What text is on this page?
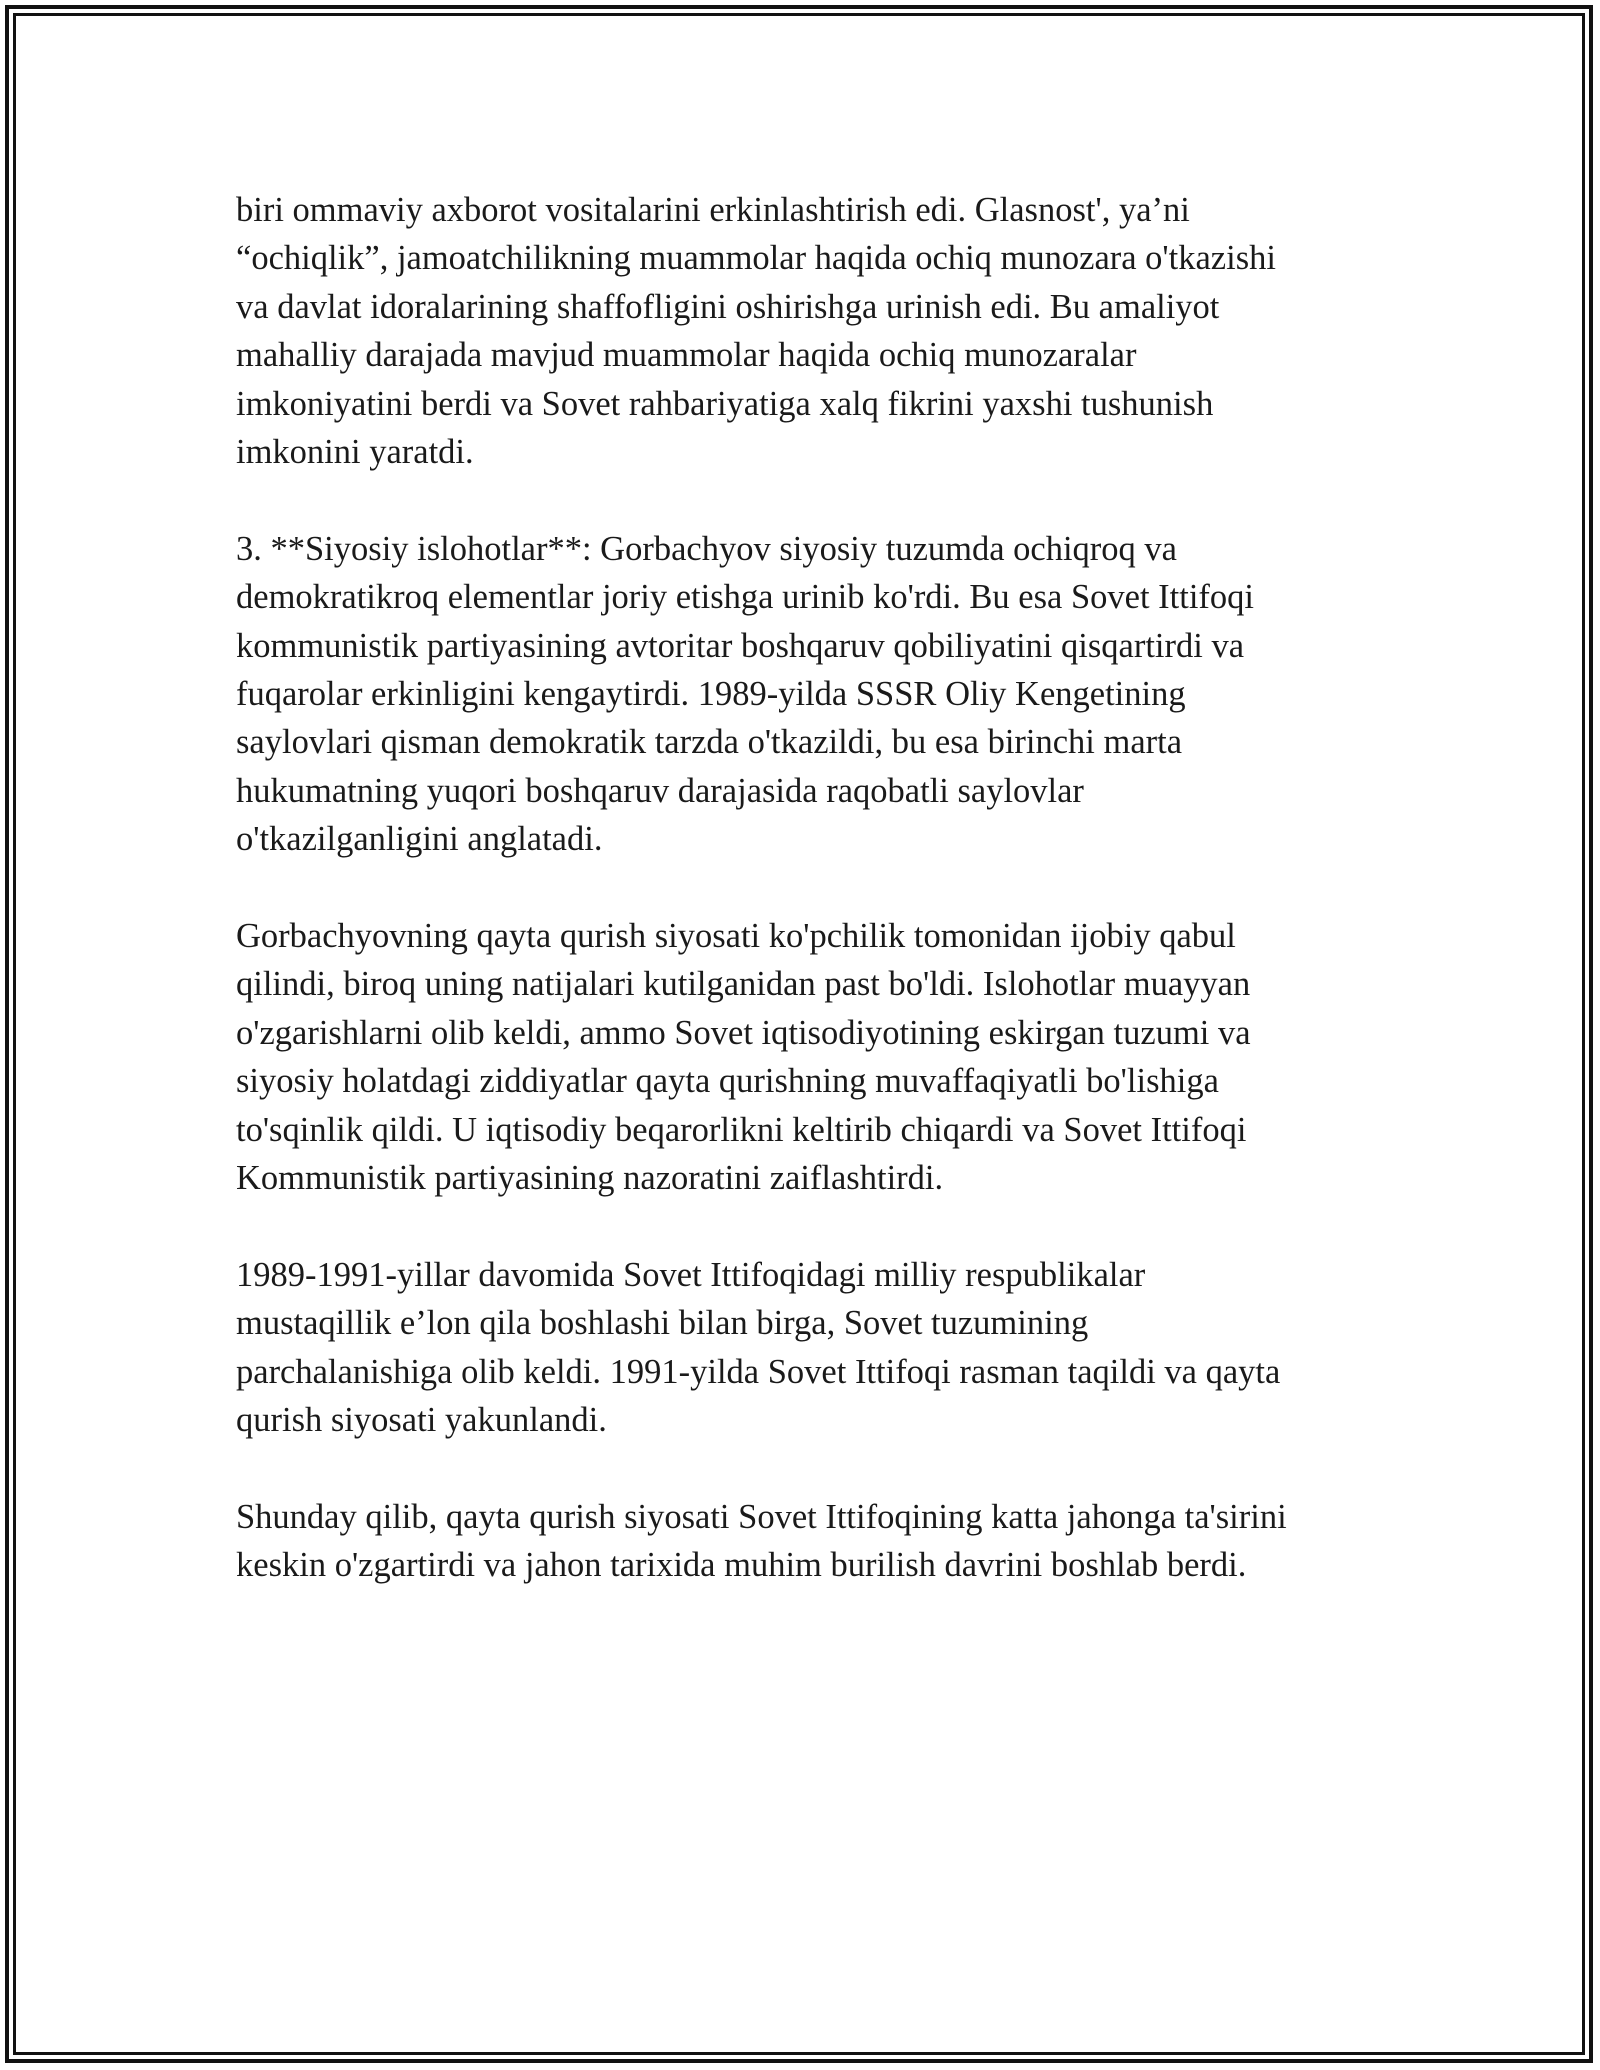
biri ommaviy axborot vositalarini erkinlashtirish edi. Glasnost', ya’ni
“ochiqlik”, jamoatchilikning muammolar haqida ochiq munozara o'tkazishi
va davlat idoralarining shaffofligini oshirishga urinish edi. Bu amaliyot
mahalliy darajada mavjud muammolar haqida ochiq munozaralar
imkoniyatini berdi va Sovet rahbariyatiga xalq fikrini yaxshi tushunish
imkonini yaratdi.
3. **Siyosiy islohotlar**: Gorbachyov siyosiy tuzumda ochiqroq va
demokratikroq elementlar joriy etishga urinib ko'rdi. Bu esa Sovet Ittifoqi
kommunistik partiyasining avtoritar boshqaruv qobiliyatini qisqartirdi va
fuqarolar erkinligini kengaytirdi. 1989-yilda SSSR Oliy Kengetining
saylovlari qisman demokratik tarzda o'tkazildi, bu esa birinchi marta
hukumatning yuqori boshqaruv darajasida raqobatli saylovlar
o'tkazilganligini anglatadi.
Gorbachyovning qayta qurish siyosati ko'pchilik tomonidan ijobiy qabul
qilindi, biroq uning natijalari kutilganidan past bo'ldi. Islohotlar muayyan
o'zgarishlarni olib keldi, ammo Sovet iqtisodiyotining eskirgan tuzumi va
siyosiy holatdagi ziddiyatlar qayta qurishning muvaffaqiyatli bo'lishiga
to'sqinlik qildi. U iqtisodiy beqarorlikni keltirib chiqardi va Sovet Ittifoqi
Kommunistik partiyasining nazoratini zaiflashtirdi.
1989-1991-yillar davomida Sovet Ittifoqidagi milliy respublikalar
mustaqillik e’lon qila boshlashi bilan birga, Sovet tuzumining
parchalanishiga olib keldi. 1991-yilda Sovet Ittifoqi rasman taqildi va qayta
qurish siyosati yakunlandi.
Shunday qilib, qayta qurish siyosati Sovet Ittifoqining katta jahonga ta'sirini
keskin o'zgartirdi va jahon tarixida muhim burilish davrini boshlab berdi.
